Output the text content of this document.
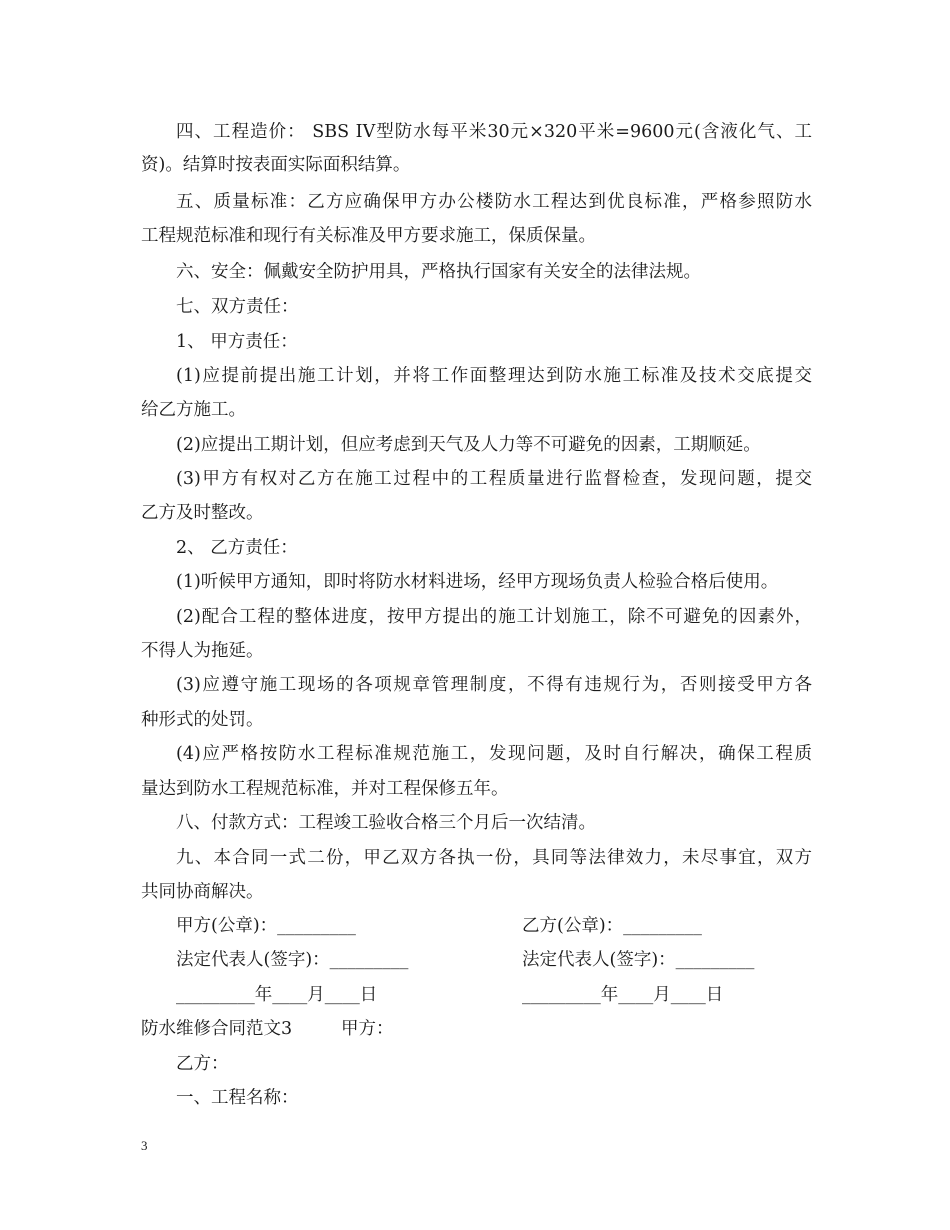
四、工程造价： SBS IV型防水每平米30元×320平米=9600元(含液化气、工
资)。结算时按表面实际面积结算。
五、质量标准：乙方应确保甲方办公楼防水工程达到优良标准，严格参照防水
工程规范标准和现行有关标准及甲方要求施工，保质保量。
六、安全：佩戴安全防护用具，严格执行国家有关安全的法律法规。
七、双方责任：
1、 甲方责任：
(1)应提前提出施工计划，并将工作面整理达到防水施工标准及技术交底提交
给乙方施工。
(2)应提出工期计划，但应考虑到天气及人力等不可避免的因素，工期顺延。
(3)甲方有权对乙方在施工过程中的工程质量进行监督检查，发现问题，提交
乙方及时整改。
2、 乙方责任：
(1)听候甲方通知，即时将防水材料进场，经甲方现场负责人检验合格后使用。
(2)配合工程的整体进度，按甲方提出的施工计划施工，除不可避免的因素外，
不得人为拖延。
(3)应遵守施工现场的各项规章管理制度，不得有违规行为，否则接受甲方各
种形式的处罚。
(4)应严格按防水工程标准规范施工，发现问题，及时自行解决，确保工程质
量达到防水工程规范标准，并对工程保修五年。
八、付款方式：工程竣工验收合格三个月后一次结清。
九、本合同一式二份，甲乙双方各执一份，具同等法律效力，未尽事宜，双方
共同协商解决。
甲方(公章)：_________	乙方(公章)：_________
法定代表人(签字)：_________	法定代表人(签字)：_________
_________年____月____日	_________年____月____日
防水维修合同范文3	甲方：
乙方：
一、工程名称：
3
